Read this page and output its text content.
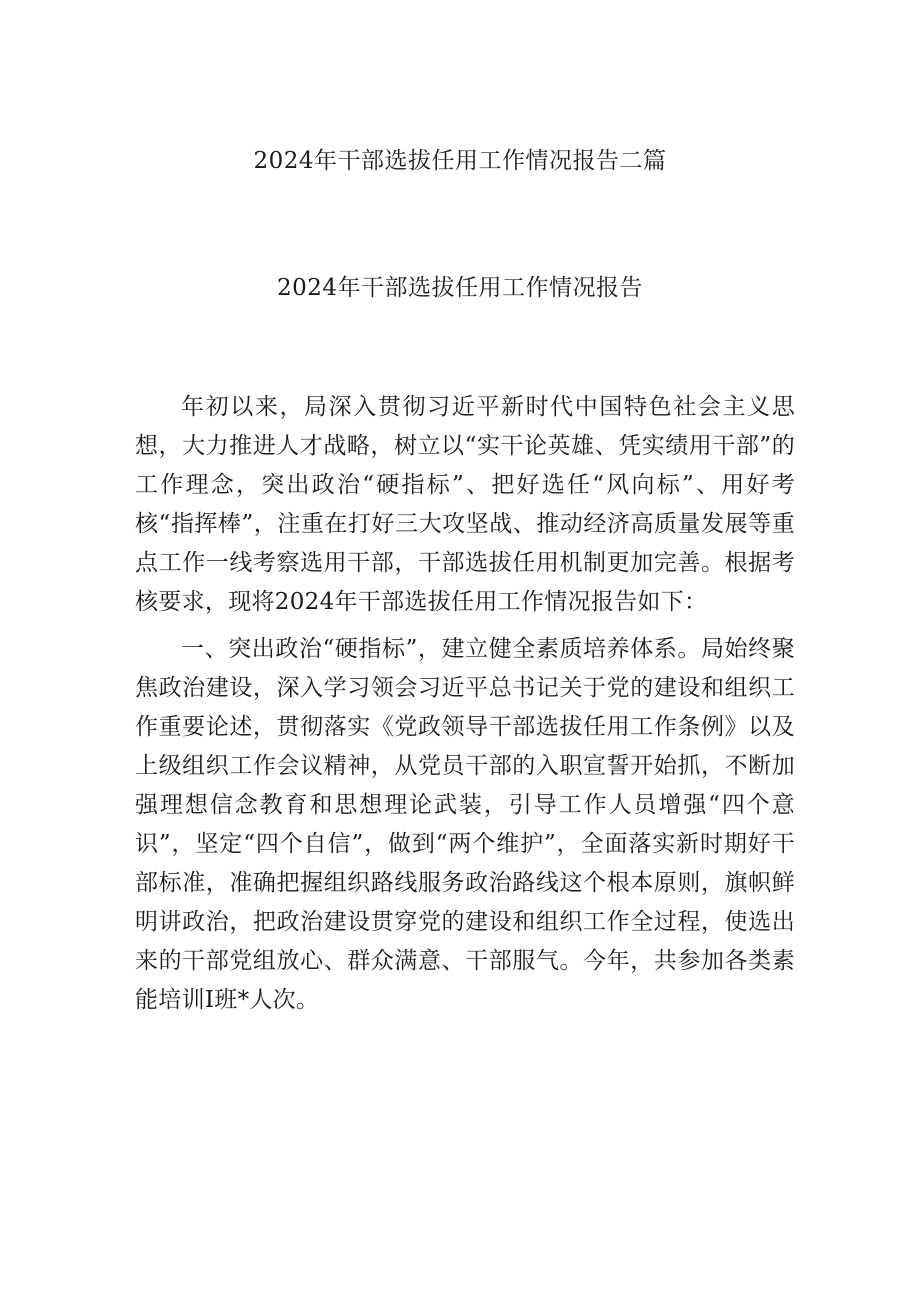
2024年干部选拔任用工作情况报告二篇
2024年干部选拔任用工作情况报告

年初以来，局深入贯彻习近平新时代中国特色社会主义思想，大力推进人才战略，树立以“实干论英雄、凭实绩用干部”的工作理念，突出政治“硬指标”、把好选任“风向标”、用好考核“指挥棒”，注重在打好三大攻坚战、推动经济高质量发展等重点工作一线考察选用干部，干部选拔任用机制更加完善。根据考核要求，现将2024年干部选拔任用工作情况报告如下：

一、突出政治“硬指标”，建立健全素质培养体系。局始终聚焦政治建设，深入学习领会习近平总书记关于党的建设和组织工作重要论述，贯彻落实《党政领导干部选拔任用工作条例》以及上级组织工作会议精神，从党员干部的入职宣誓开始抓，不断加强理想信念教育和思想理论武装，引导工作人员增强“四个意识”，坚定“四个自信”，做到“两个维护”，全面落实新时期好干部标准，准确把握组织路线服务政治路线这个根本原则，旗帜鲜明讲政治，把政治建设贯穿党的建设和组织工作全过程，使选出来的干部党组放心、群众满意、干部服气。今年，共参加各类素能培训I班*人次。
